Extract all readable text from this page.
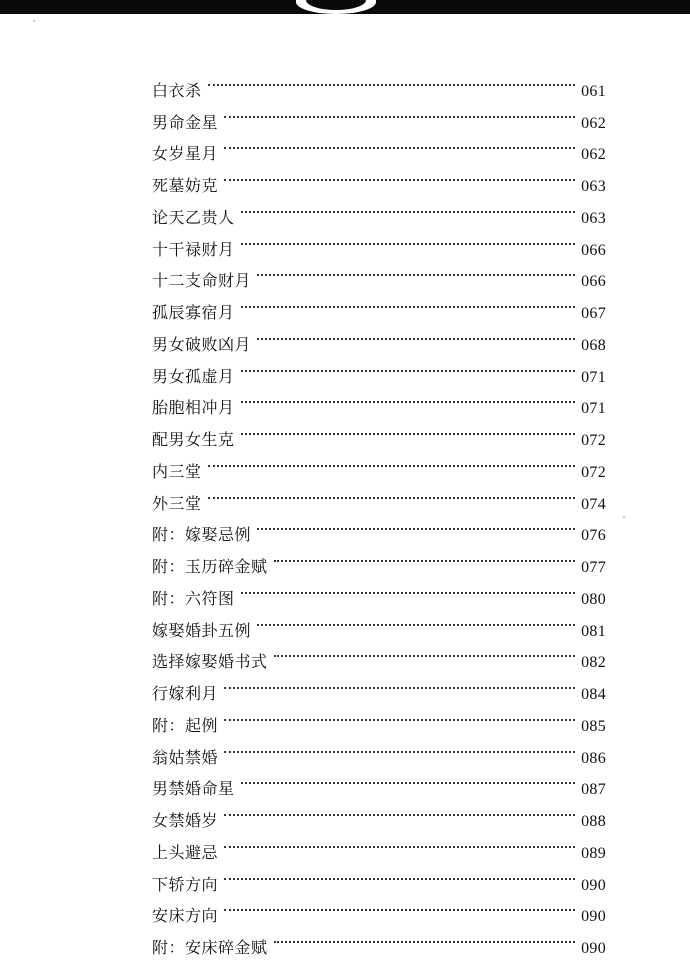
白衣杀	061
男命金星	062
女岁星月	062
死墓妨克	063
论天乙贵人	063
十干禄财月	066
十二支命财月	066
孤辰寡宿月	067
男女破败凶月	068
男女孤虚月	071
胎胞相冲月	071
配男女生克	072
内三堂	072
外三堂	074
附：嫁娶忌例	076
附：玉历碎金赋	077
附：六符图	080
嫁娶婚卦五例	081
选择嫁娶婚书式	082
行嫁利月	084
附：起例	085
翁姑禁婚	086
男禁婚命星	087
女禁婚岁	088
上头避忌	089
下轿方向	090
安床方向	090
附：安床碎金赋	090
